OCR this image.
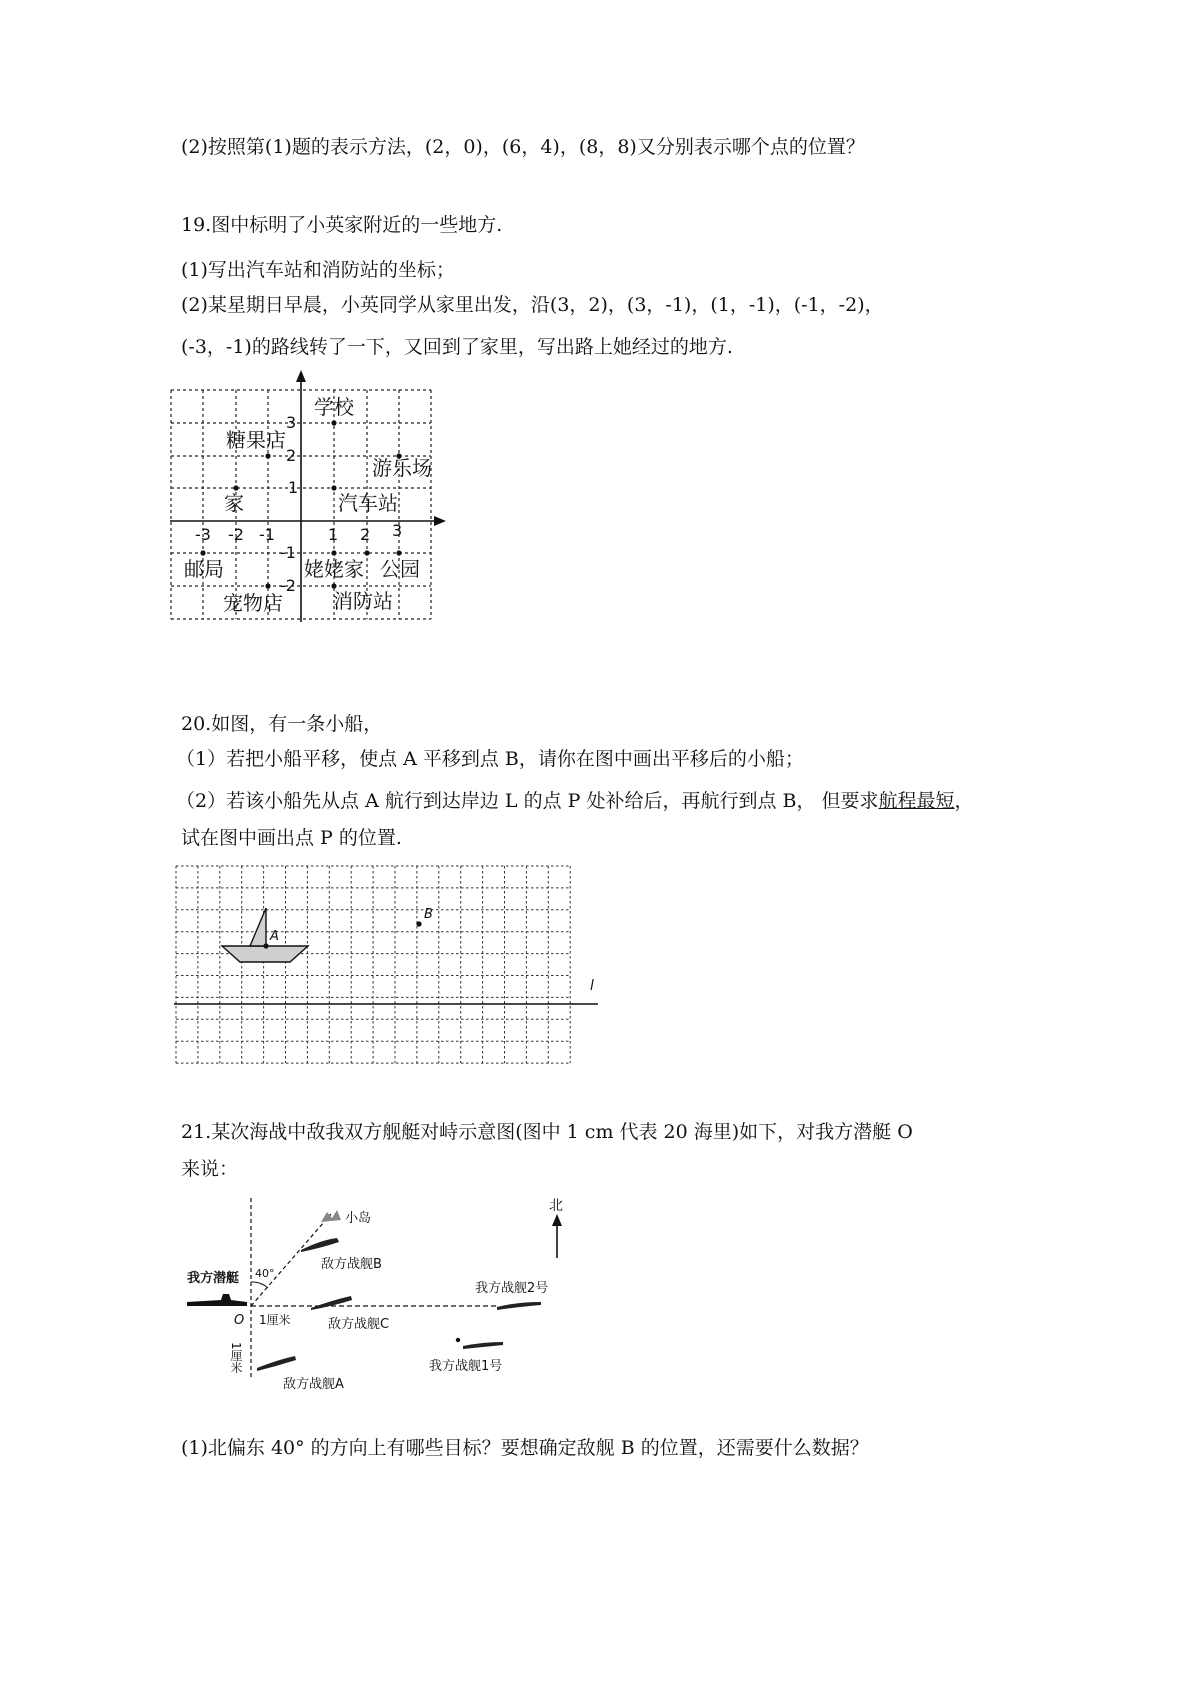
(2)按照第(1)题的表示方法，(2，0)，(6，4)，(8，8)又分别表示哪个点的位置？
19.图中标明了小英家附近的一些地方.
(1)写出汽车站和消防站的坐标；
(2)某星期日早晨，小英同学从家里出发，沿(3，2)，(3，-1)，(1，-1)，(-1，-2)，
(-3，-1)的路线转了一下，又回到了家里，写出路上她经过的地方.
-3 -2 -1	1 2 3
3
2
1
-1
-2
学校
糖果店
游乐场
家	汽车站
邮局	姥姥家 公园
宠物店	消防站
20.如图，有一条小船，
（1）若把小船平移，使点 A 平移到点 B，请你在图中画出平移后的小船；
（2）若该小船先从点 A 航行到达岸边 L 的点 P 处补给后，再航行到点 B， 但要求航程最短，
试在图中画出点 P 的位置.
A
B
l
21.某次海战中敌我双方舰艇对峙示意图(图中 1 cm 代表 20 海里)如下，对我方潜艇 O
来说：
北
40°
小岛
敌方战舰B
我方潜艇
敌方战舰C
1厘米
O
1厘米
我方战舰2号
敌方战舰A
我方战舰1号
(1)北偏东 40° 的方向上有哪些目标？要想确定敌舰 B 的位置，还需要什么数据？
